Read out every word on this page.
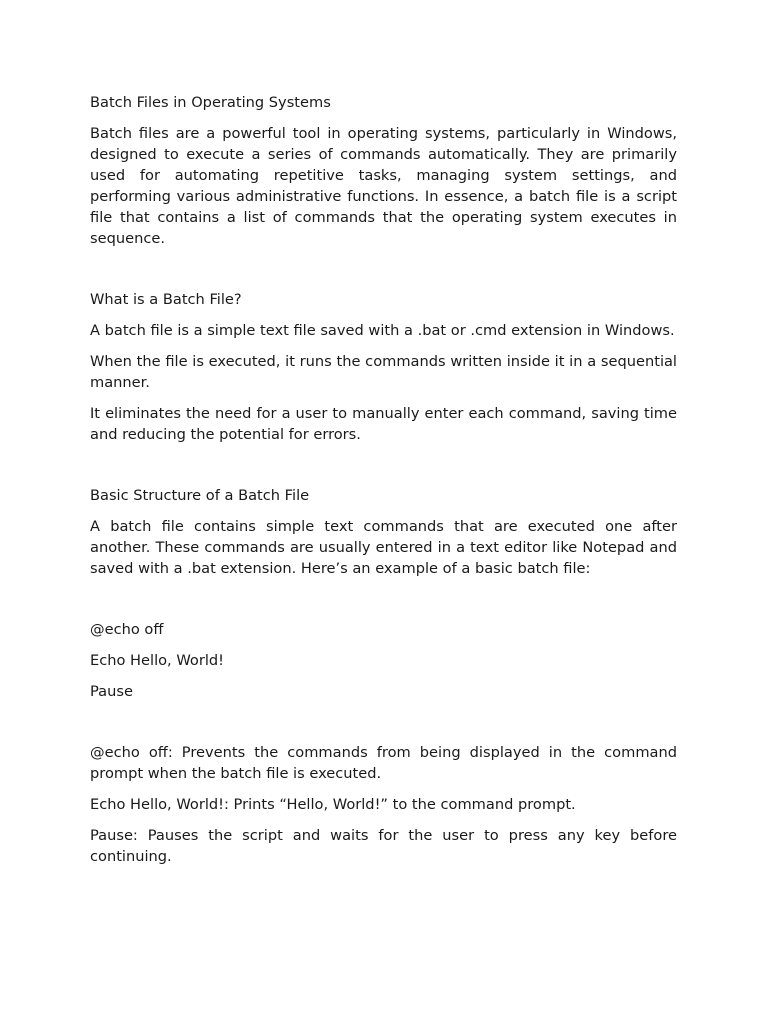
Batch Files in Operating Systems
Batch files are a powerful tool in operating systems, particularly in Windows, designed to execute a series of commands automatically. They are primarily used for automating repetitive tasks, managing system settings, and performing various administrative functions. In essence, a batch file is a script file that contains a list of commands that the operating system executes in sequence.
What is a Batch File?
A batch file is a simple text file saved with a .bat or .cmd extension in Windows.
When the file is executed, it runs the commands written inside it in a sequential manner.
It eliminates the need for a user to manually enter each command, saving time and reducing the potential for errors.
Basic Structure of a Batch File
A batch file contains simple text commands that are executed one after another. These commands are usually entered in a text editor like Notepad and saved with a .bat extension. Here’s an example of a basic batch file:
@echo off
Echo Hello, World!
Pause
@echo off: Prevents the commands from being displayed in the command prompt when the batch file is executed.
Echo Hello, World!: Prints “Hello, World!” to the command prompt.
Pause: Pauses the script and waits for the user to press any key before continuing.
